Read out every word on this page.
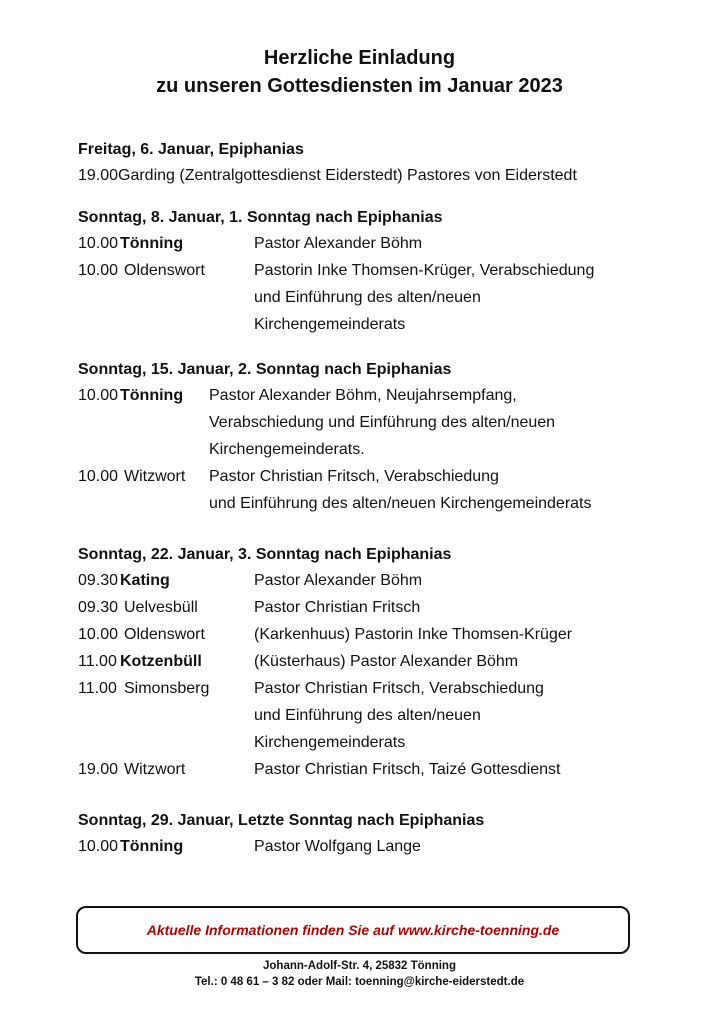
Herzliche Einladung
zu unseren Gottesdiensten im Januar 2023
Freitag, 6. Januar, Epiphanias
19.00 Garding (Zentralgottesdienst Eiderstedt) Pastores von Eiderstedt
Sonntag, 8. Januar, 1. Sonntag nach Epiphanias
10.00 Tönning	Pastor Alexander Böhm
10.00 Oldenswort	Pastorin Inke Thomsen-Krüger, Verabschiedung
und Einführung des alten/neuen
Kirchengemeinderats
Sonntag, 15. Januar, 2. Sonntag nach Epiphanias
10.00 Tönning Pastor Alexander Böhm, Neujahrsempfang,
Verabschiedung und Einführung des alten/neuen
Kirchengemeinderats.
10.00 Witzwort Pastor Christian Fritsch, Verabschiedung
und Einführung des alten/neuen Kirchengemeinderats
Sonntag, 22. Januar, 3. Sonntag nach Epiphanias
09.30 Kating	Pastor Alexander Böhm
09.30 Uelvesbüll	Pastor Christian Fritsch
10.00 Oldenswort	(Karkenhuus) Pastorin Inke Thomsen-Krüger
11.00 Kotzenbüll	(Küsterhaus) Pastor Alexander Böhm
11.00 Simonsberg	Pastor Christian Fritsch, Verabschiedung
und Einführung des alten/neuen
Kirchengemeinderats
19.00 Witzwort	Pastor Christian Fritsch, Taizé Gottesdienst
Sonntag, 29. Januar, Letzte Sonntag nach Epiphanias
10.00 Tönning	Pastor Wolfgang Lange
Aktuelle Informationen finden Sie auf www.kirche-toenning.de
Johann-Adolf-Str. 4, 25832 Tönning
Tel.: 0 48 61 – 3 82 oder Mail: toenning@kirche-eiderstedt.de
